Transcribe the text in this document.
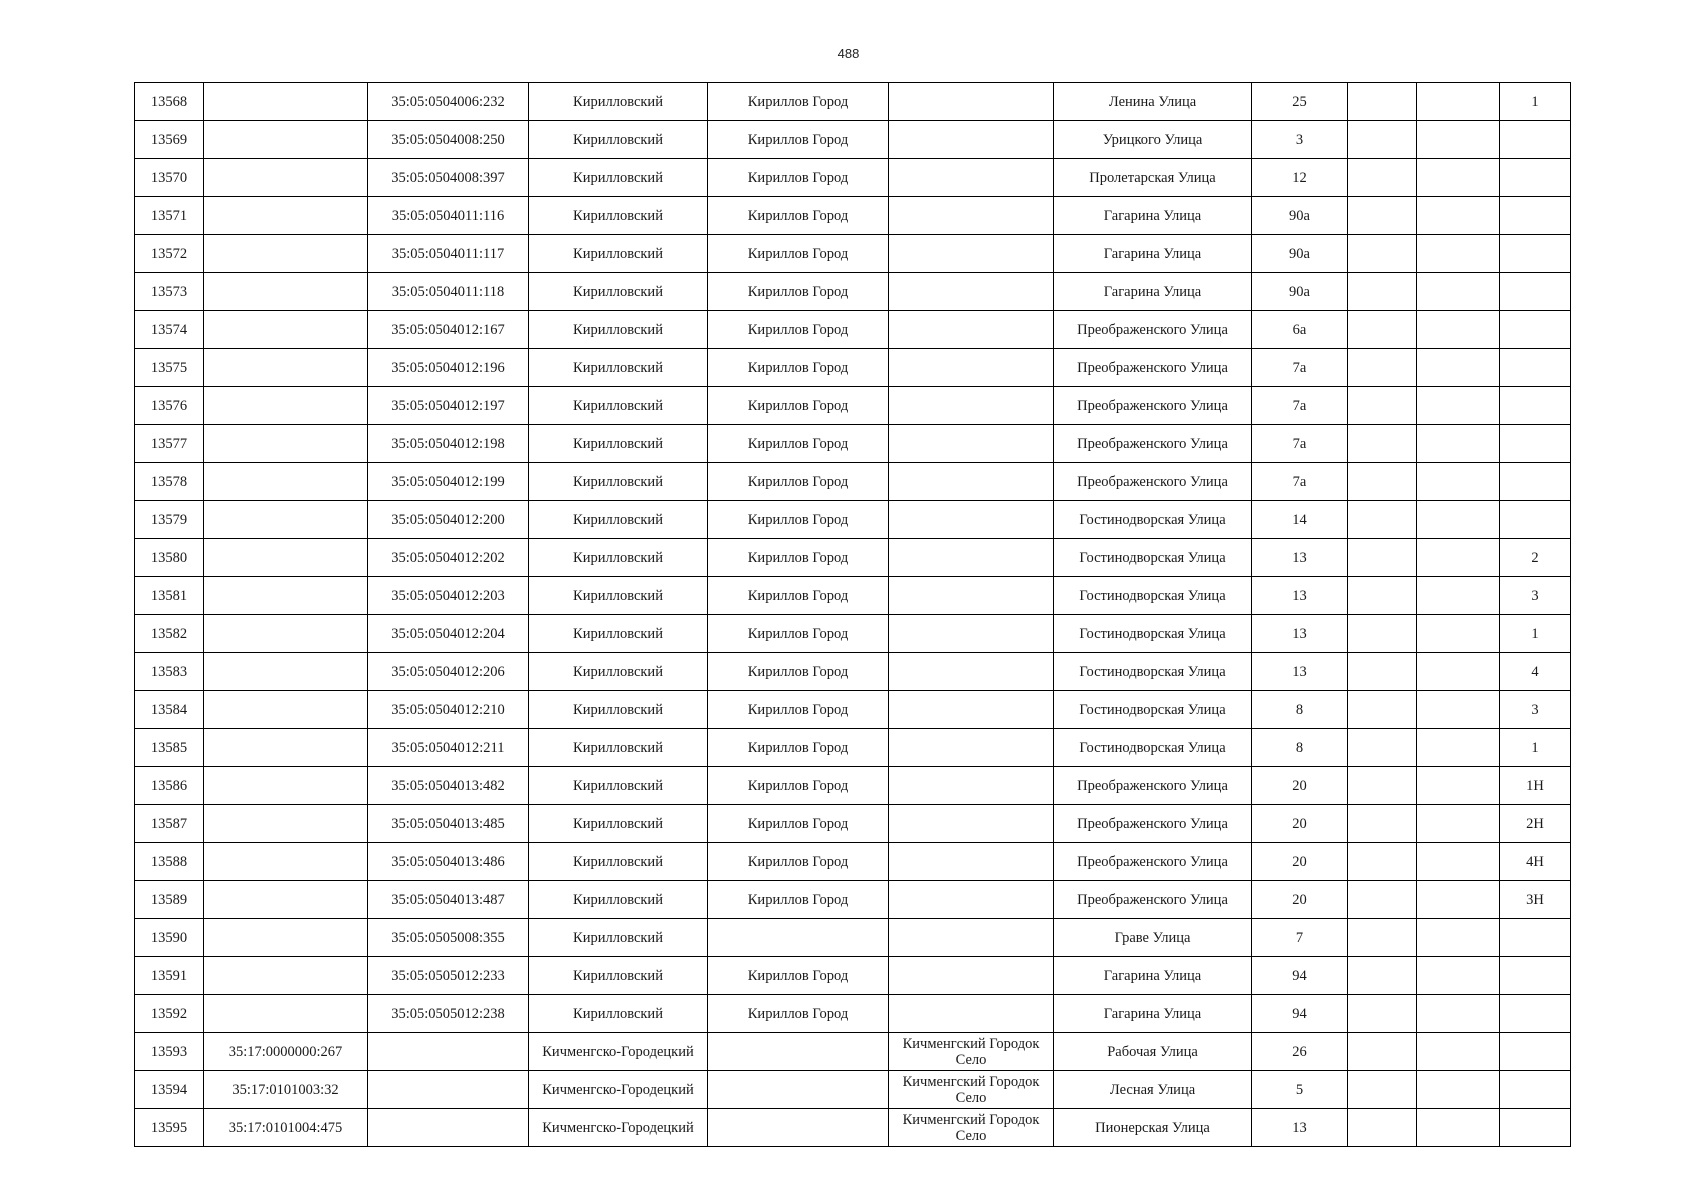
488
13568		35:05:0504006:232	Кирилловский	Кириллов Город		Ленина Улица	25			1
13569		35:05:0504008:250	Кирилловский	Кириллов Город		Урицкого Улица	3			
13570		35:05:0504008:397	Кирилловский	Кириллов Город		Пролетарская Улица	12			
13571		35:05:0504011:116	Кирилловский	Кириллов Город		Гагарина Улица	90а			
13572		35:05:0504011:117	Кирилловский	Кириллов Город		Гагарина Улица	90а			
13573		35:05:0504011:118	Кирилловский	Кириллов Город		Гагарина Улица	90а			
13574		35:05:0504012:167	Кирилловский	Кириллов Город		Преображенского Улица	6а			
13575		35:05:0504012:196	Кирилловский	Кириллов Город		Преображенского Улица	7а			
13576		35:05:0504012:197	Кирилловский	Кириллов Город		Преображенского Улица	7а			
13577		35:05:0504012:198	Кирилловский	Кириллов Город		Преображенского Улица	7а			
13578		35:05:0504012:199	Кирилловский	Кириллов Город		Преображенского Улица	7а			
13579		35:05:0504012:200	Кирилловский	Кириллов Город		Гостинодворская Улица	14			
13580		35:05:0504012:202	Кирилловский	Кириллов Город		Гостинодворская Улица	13			2
13581		35:05:0504012:203	Кирилловский	Кириллов Город		Гостинодворская Улица	13			3
13582		35:05:0504012:204	Кирилловский	Кириллов Город		Гостинодворская Улица	13			1
13583		35:05:0504012:206	Кирилловский	Кириллов Город		Гостинодворская Улица	13			4
13584		35:05:0504012:210	Кирилловский	Кириллов Город		Гостинодворская Улица	8			3
13585		35:05:0504012:211	Кирилловский	Кириллов Город		Гостинодворская Улица	8			1
13586		35:05:0504013:482	Кирилловский	Кириллов Город		Преображенского Улица	20			1Н
13587		35:05:0504013:485	Кирилловский	Кириллов Город		Преображенского Улица	20			2Н
13588		35:05:0504013:486	Кирилловский	Кириллов Город		Преображенского Улица	20			4Н
13589		35:05:0504013:487	Кирилловский	Кириллов Город		Преображенского Улица	20			3Н
13590		35:05:0505008:355	Кирилловский			Граве Улица	7			
13591		35:05:0505012:233	Кирилловский	Кириллов Город		Гагарина Улица	94			
13592		35:05:0505012:238	Кирилловский	Кириллов Город		Гагарина Улица	94			
13593	35:17:0000000:267		Кичменгско-Городецкий		Кичменгский Городок Село	Рабочая Улица	26			
13594	35:17:0101003:32		Кичменгско-Городецкий		Кичменгский Городок Село	Лесная Улица	5			
13595	35:17:0101004:475		Кичменгско-Городецкий		Кичменгский Городок Село	Пионерская Улица	13			
